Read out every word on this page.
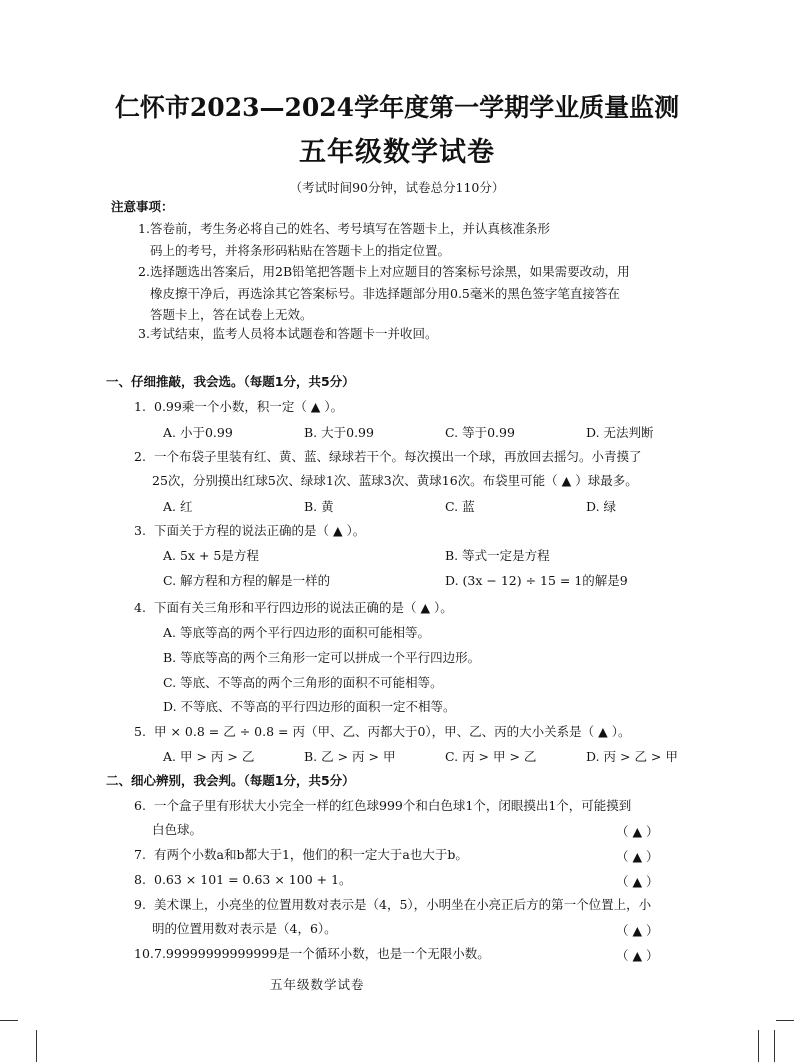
仁怀市2023—2024学年度第一学期学业质量监测
五年级数学试卷
（考试时间90分钟，试卷总分110分）
注意事项：
1.答卷前，考生务必将自己的姓名、考号填写在答题卡上，并认真核准条形
码上的考号，并将条形码粘贴在答题卡上的指定位置。
2.选择题选出答案后，用2B铅笔把答题卡上对应题目的答案标号涂黑，如果需要改动，用
橡皮擦干净后，再选涂其它答案标号。非选择题部分用0.5毫米的黑色签字笔直接答在
答题卡上，答在试卷上无效。
3.考试结束，监考人员将本试题卷和答题卡一并收回。
一、仔细推敲，我会选。（每题1分，共5分）
1. 0.99乘一个小数，积一定（ ▲ ）。
A. 小于0.99	B. 大于0.99	C. 等于0.99	D. 无法判断
2. 一个布袋子里装有红、黄、蓝、绿球若干个。每次摸出一个球，再放回去摇匀。小青摸了
25次，分别摸出红球5次、绿球1次、蓝球3次、黄球16次。布袋里可能（ ▲ ）球最多。
A. 红	B. 黄	C. 蓝	D. 绿
3. 下面关于方程的说法正确的是（ ▲ ）。
A. 5x + 5是方程	B. 等式一定是方程
C. 解方程和方程的解是一样的	D. (3x − 12) ÷ 15 = 1的解是9
4. 下面有关三角形和平行四边形的说法正确的是（ ▲ ）。
A. 等底等高的两个平行四边形的面积可能相等。
B. 等底等高的两个三角形一定可以拼成一个平行四边形。
C. 等底、不等高的两个三角形的面积不可能相等。
D. 不等底、不等高的平行四边形的面积一定不相等。
5. 甲 × 0.8 = 乙 ÷ 0.8 = 丙（甲、乙、丙都大于0），甲、乙、丙的大小关系是（ ▲ ）。
A. 甲 > 丙 > 乙	B. 乙 > 丙 > 甲	C. 丙 > 甲 > 乙	D. 丙 > 乙 > 甲
二、细心辨别，我会判。（每题1分，共5分）
6. 一个盒子里有形状大小完全一样的红色球999个和白色球1个，闭眼摸出1个，可能摸到
白色球。	（ ▲ ）
7. 有两个小数a和b都大于1，他们的积一定大于a也大于b。	（ ▲ ）
8. 0.63 × 101 = 0.63 × 100 + 1。	（ ▲ ）
9. 美术课上，小亮坐的位置用数对表示是（4，5），小明坐在小亮正后方的第一个位置上，小
明的位置用数对表示是（4，6）。	（ ▲ ）
10.7.99999999999999是一个循环小数，也是一个无限小数。	（ ▲ ）
五年级数学试卷
